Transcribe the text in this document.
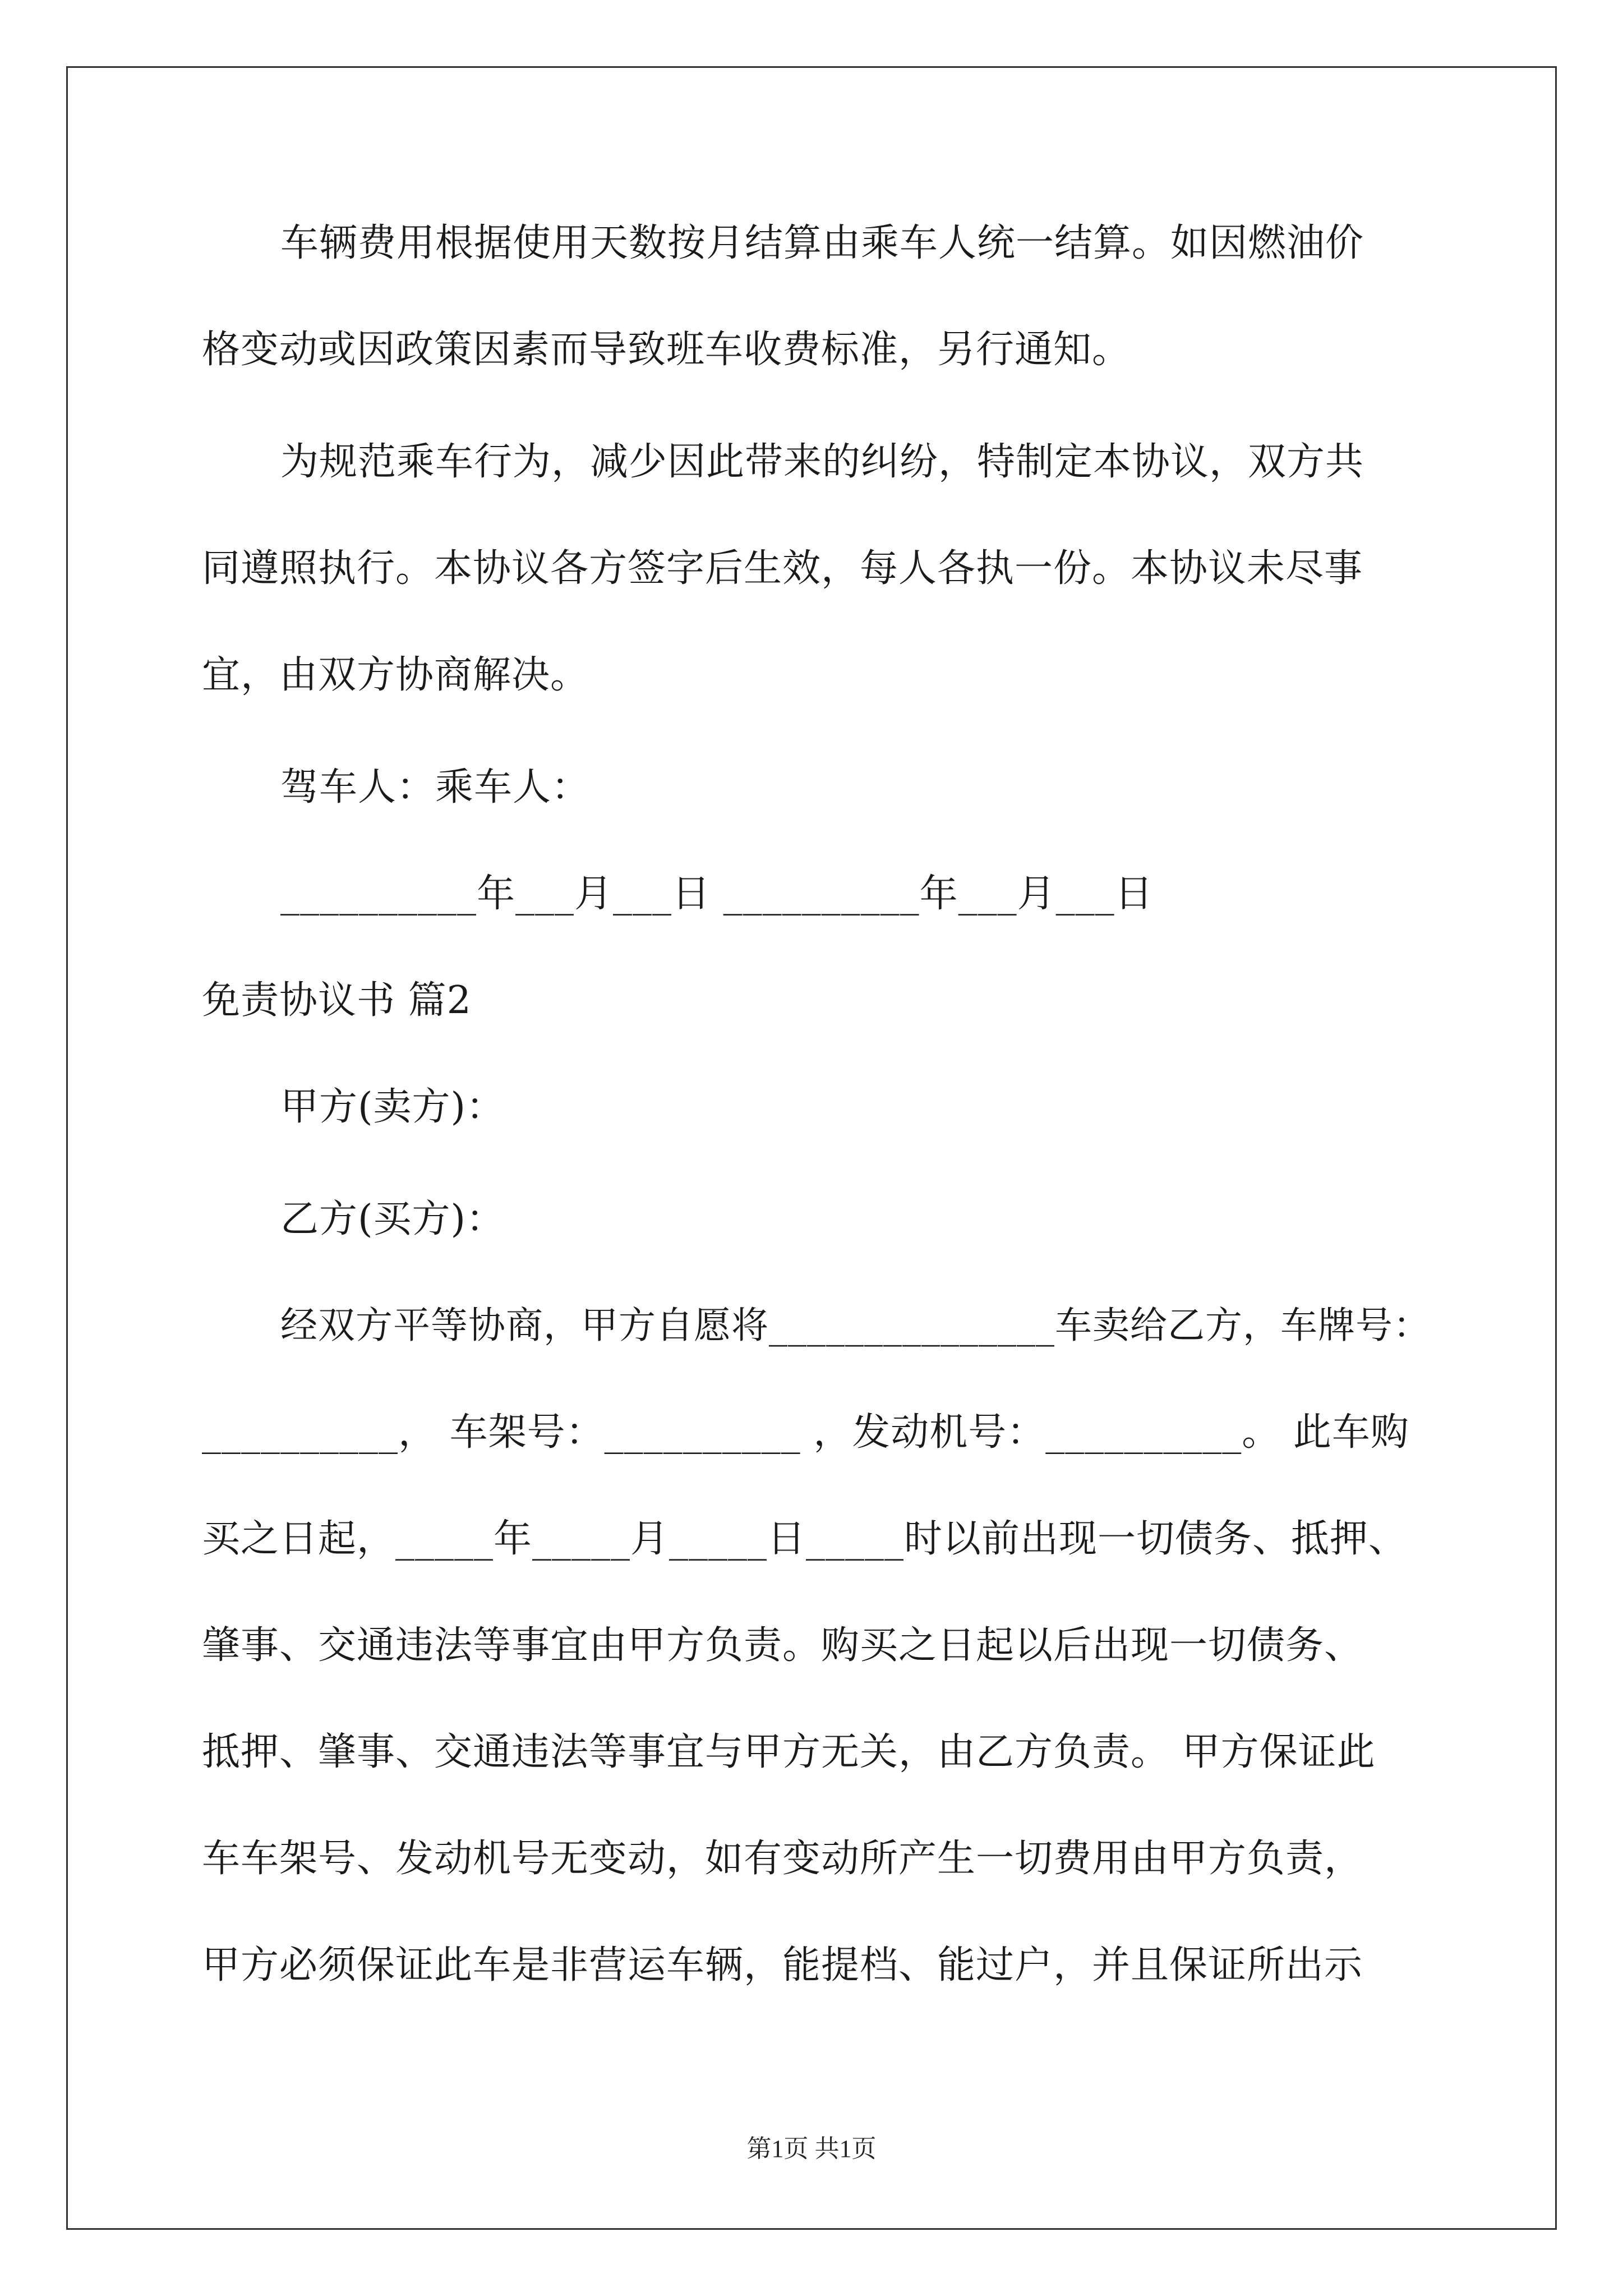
车辆费用根据使用天数按月结算由乘车人统一结算。如因燃油价
格变动或因政策因素而导致班车收费标准，另行通知。
为规范乘车行为，减少因此带来的纠纷，特制定本协议，双方共
同遵照执行。本协议各方签字后生效，每人各执一份。本协议未尽事
宜，由双方协商解决。
驾车人：乘车人：
__________年___月___日 __________年___月___日
免责协议书 篇2
甲方(卖方)：
乙方(买方)：
经双方平等协商，甲方自愿将_______________车卖给乙方，车牌号：
__________， 车架号：__________ ，发动机号：__________。 此车购
买之日起，_____年_____月_____日_____时以前出现一切债务、抵押、
肇事、交通违法等事宜由甲方负责。购买之日起以后出现一切债务、
抵押、肇事、交通违法等事宜与甲方无关，由乙方负责。 甲方保证此
车车架号、发动机号无变动，如有变动所产生一切费用由甲方负责，
甲方必须保证此车是非营运车辆，能提档、能过户，并且保证所出示
第1页 共1页
